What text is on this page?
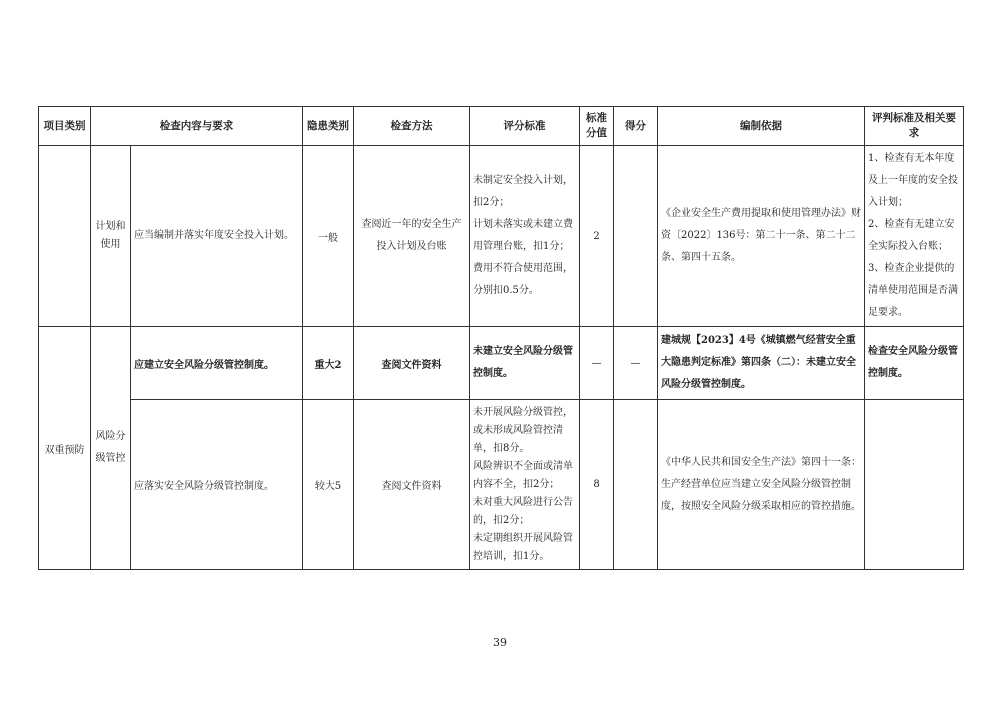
项目类别	检查内容与要求		隐患类别	检查方法	评分标准	标准分值	得分	编制依据	评判标准及相关要求
	计划和使用	应当编制并落实年度安全投入计划。	一般	查阅近一年的安全生产投入计划及台账	未制定安全投入计划，扣2分；
计划未落实或未建立费用管理台账，扣1分；
费用不符合使用范围，分别扣0.5分。	2		《企业安全生产费用提取和使用管理办法》财资〔2022〕136号：第二十一条、第二十二条、第四十五条。	1、检查有无本年度及上一年度的安全投入计划；
2、检查有无建立安全实际投入台账；
3、检查企业提供的清单使用范围是否满足要求。
双重预防	风险分级管控	应建立安全风险分级管控制度。	重大2	查阅文件资料	未建立安全风险分级管控制度。	—	—	建城规【2023】4号《城镇燃气经营安全重大隐患判定标准》第四条（二）：未建立安全风险分级管控制度。	检查安全风险分级管控制度。
		应落实安全风险分级管控制度。	较大5	查阅文件资料	未开展风险分级管控，或未形成风险管控清单，扣8分。
风险辨识不全面或清单内容不全，扣2分；
未对重大风险进行公告的，扣2分；
未定期组织开展风险管控培训，扣1分。	8		《中华人民共和国安全生产法》第四十一条：生产经营单位应当建立安全风险分级管控制度，按照安全风险分级采取相应的管控措施。	
39
